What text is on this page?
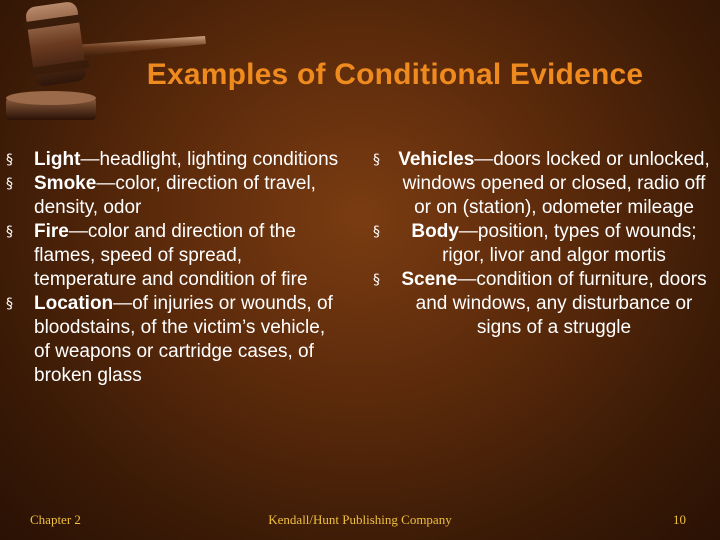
Examples of Conditional Evidence
§ Light—headlight, lighting conditions
§ Smoke—color, direction of travel, density, odor
§ Fire—color and direction of the flames, speed of spread, temperature and condition of fire
§ Location—of injuries or wounds, of bloodstains, of the victim’s vehicle, of weapons or cartridge cases, of broken glass
§ Vehicles—doors locked or unlocked, windows opened or closed, radio off or on (station), odometer mileage
§ Body—position, types of wounds; rigor, livor and algor mortis
§ Scene—condition of furniture, doors and windows, any disturbance or signs of a struggle
Chapter 2	Kendall/Hunt Publishing Company	10
